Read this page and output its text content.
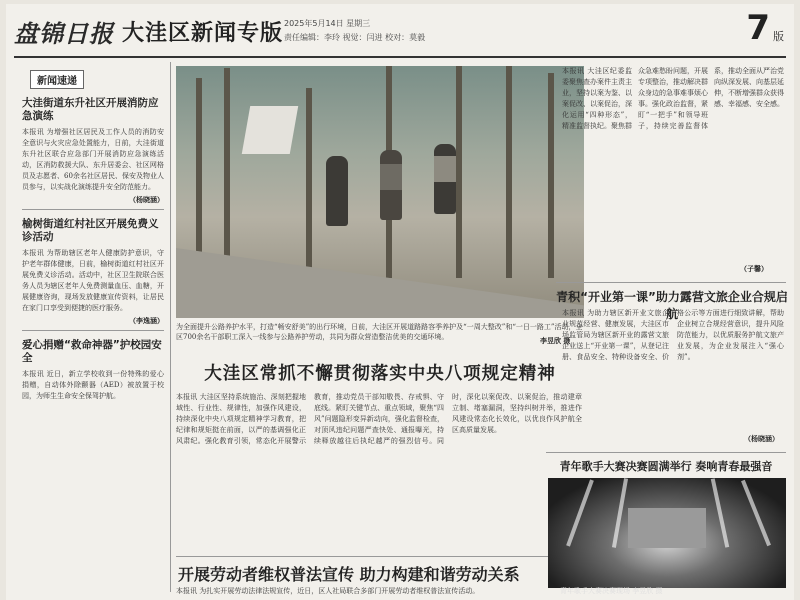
盘锦日报 大洼区新闻专版 2025年5月14日 星期三
责任编辑：李玲 视觉：闫进 校对：莫毅	7 版
新闻速递
大洼街道东升社区开展消防应急演练
本报讯 为增强社区居民及工作人员的消防安全意识与火灾应急处置能力，日前，大洼街道东升社区联合应急部门开展消防应急演练活动，区消防救援大队、东升居委会、社区网格员及志愿者、60余名社区居民、保安及物业人员参与，以实战化演练提升安全防范能力。
（杨晓涵）
榆树街道红村社区开展免费义诊活动
本报讯 为帮助辖区老年人健康防护意识，守护老年群体健康，日前，榆树街道红村社区开展免费义诊活动。活动中，社区卫生院联合医务人员为辖区老年人免费测量血压、血糖，开展健康咨询，现场发放健康宣传资料，让居民在家门口享受到便捷的医疗服务。
（李逸涵）
爱心捐赠“救命神器”护校园安全
本报讯 近日，新立学校收到一份特殊的爱心捐赠，自动体外除颤器（AED）被放置于校园，为师生生命安全保驾护航。
为全面提升公路养护水平，打造“畅安舒美”的出行环境，日前，大洼区开展道路路容季养护及“一周大整改”和“一日一路工”活动，全区700余名干部职工深入一线参与公路养护劳动，共同为群众营造整洁优美的交通环境。	李昱欣 摄
大洼区常抓不懈贯彻落实中央八项规定精神
本报讯 大洼区坚持系统施治、深刻把握地域性、行业性、规律性，加强作风建设，持续深化中央八项规定精神学习教育，把纪律和规矩挺在前面，以严的基调强化正风肃纪。强化教育引领，常态化开展警示教育，推动党员干部知敬畏、存戒惧、守底线。紧盯关键节点、重点领域，聚焦“四风”问题隐形变异新动向，强化监督检查，对顶风违纪问题严查快处、通报曝光，持续释放越往后执纪越严的强烈信号。同时，深化以案促改、以案促治，推动建章立制、堵塞漏洞，坚持纠树并举，推进作风建设常态化长效化，以优良作风护航全区高质量发展。
开展劳动者维权普法宣传 助力构建和谐劳动关系
本报讯 为扎实开展劳动法律法规宣传，近日，区人社局联合多部门开展劳动者维权普法宣传活动。
本报讯 大洼区纪委监委聚焦查办案件主责主业，坚持以案为鉴、以案促改、以案促治，深化运用“四种形态”，精准监督执纪。聚焦群众急难愁盼问题，开展专项整治，推动解决群众身边的急事难事烦心事。强化政治监督，紧盯“一把手”和领导班子，持续完善监督体系，推动全面从严治党向纵深发展、向基层延伸，不断增强群众获得感、幸福感、安全感。
（子馨）
青积“开业第一课”助力露营文旅企业合规启航
本报讯 为助力辖区新开业文旅企业规范经营、健康发展，大洼区市场监管局为辖区新开业的露营文旅企业送上“开业第一课”，从登记注册、食品安全、特种设备安全、价格公示等方面进行细致讲解，帮助企业树立合规经营意识，提升风险防范能力，以优质服务护航文旅产业发展，为企业发展注入“强心剂”。
（杨晓涵）
青年歌手大赛决赛圆满举行 奏响青春最强音
青年歌手大赛决赛现场 李昱欣 摄
